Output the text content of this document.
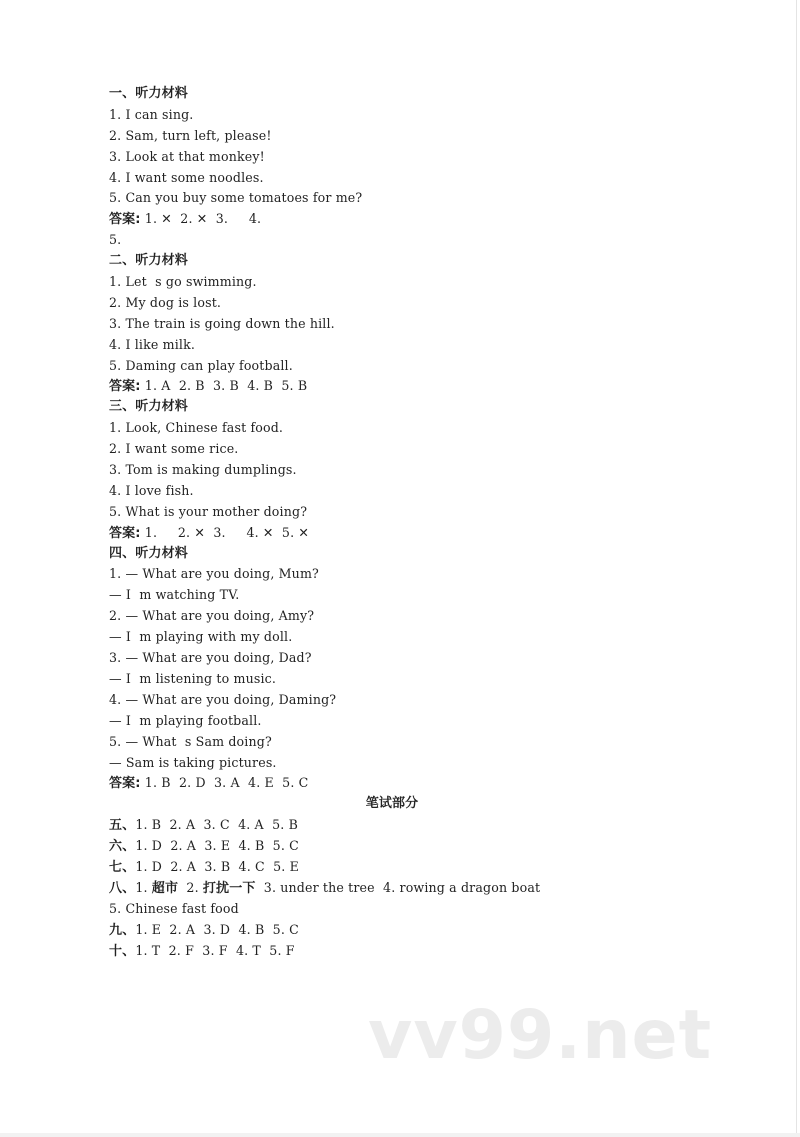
一、听力材料
1. I can sing.
2. Sam, turn left, please!
3. Look at that monkey!
4. I want some noodles.
5. Can you buy some tomatoes for me?
答案: 1. ✕  2. ✕  3.     4.
5.
二、听力材料
1. Let  s go swimming.
2. My dog is lost.
3. The train is going down the hill.
4. I like milk.
5. Daming can play football.
答案: 1. A  2. B  3. B  4. B  5. B
三、听力材料
1. Look, Chinese fast food.
2. I want some rice.
3. Tom is making dumplings.
4. I love fish.
5. What is your mother doing?
答案: 1.     2. ✕  3.     4. ✕  5. ✕
四、听力材料
1. — What are you doing, Mum?
— I  m watching TV.
2. — What are you doing, Amy?
— I  m playing with my doll.
3. — What are you doing, Dad?
— I  m listening to music.
4. — What are you doing, Daming?
— I  m playing football.
5. — What  s Sam doing?
— Sam is taking pictures.
答案: 1. B  2. D  3. A  4. E  5. C
笔试部分
五、1. B  2. A  3. C  4. A  5. B
六、1. D  2. A  3. E  4. B  5. C
七、1. D  2. A  3. B  4. C  5. E
八、1. 超市  2. 打扰一下  3. under the tree  4. rowing a dragon boat
5. Chinese fast food
九、1. E  2. A  3. D  4. B  5. C
十、1. T  2. F  3. F  4. T  5. F
vv99.net
